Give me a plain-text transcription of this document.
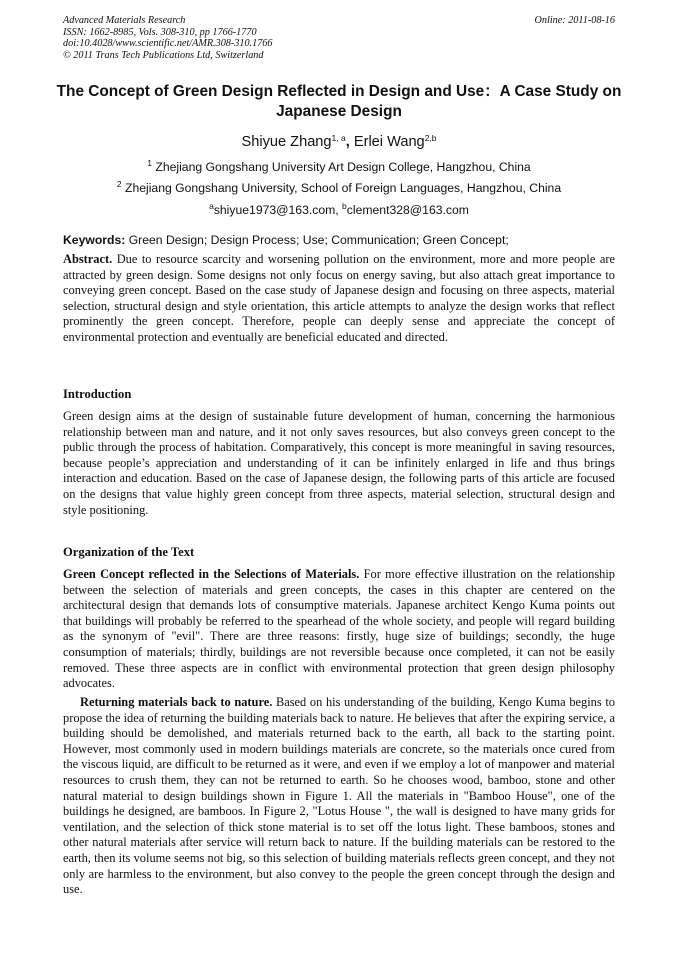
Advanced Materials Research
ISSN: 1662-8985, Vols. 308-310, pp 1766-1770
doi:10.4028/www.scientific.net/AMR.308-310.1766
© 2011 Trans Tech Publications Ltd, Switzerland
Online: 2011-08-16
The Concept of Green Design Reflected in Design and Use：A Case Study on Japanese Design
Shiyue Zhang$^{1, a}$, Erlei Wang$^{2,b}$
$^1$ Zhejiang Gongshang University Art Design College, Hangzhou, China
$^2$ Zhejiang Gongshang University, School of Foreign Languages, Hangzhou, China
$^a$shiyue1973@163.com, $^b$clement328@163.com
Keywords: Green Design; Design Process; Use; Communication; Green Concept;
Abstract. Due to resource scarcity and worsening pollution on the environment, more and more people are attracted by green design. Some designs not only focus on energy saving, but also attach great importance to conveying green concept. Based on the case study of Japanese design and focusing on three aspects, material selection, structural design and style orientation, this article attempts to analyze the design works that reflect prominently the green concept. Therefore, people can deeply sense and appreciate the concept of environmental protection and eventually are beneficial educated and directed.
Introduction
Green design aims at the design of sustainable future development of human, concerning the harmonious relationship between man and nature, and it not only saves resources, but also conveys green concept to the public through the process of habitation. Comparatively, this concept is more meaningful in saving resources, because people’s appreciation and understanding of it can be infinitely enlarged in life and thus brings interaction and education. Based on the case of Japanese design, the following parts of this article are focused on the designs that value highly green concept from three aspects, material selection, structural design and style positioning.
Organization of the Text
Green Concept reflected in the Selections of Materials. For more effective illustration on the relationship between the selection of materials and green concepts, the cases in this chapter are centered on the architectural design that demands lots of consumptive materials. Japanese architect Kengo Kuma points out that buildings will probably be referred to the spearhead of the whole society, and people will regard building as the synonym of "evil". There are three reasons: firstly, huge size of buildings; secondly, the huge consumption of materials; thirdly, buildings are not reversible because once completed, it can not be easily removed. These three aspects are in conflict with environmental protection that green design philosophy advocates.
Returning materials back to nature. Based on his understanding of the building, Kengo Kuma begins to propose the idea of returning the building materials back to nature. He believes that after the expiring service, a building should be demolished, and materials returned back to the earth, all back to the starting point. However, most commonly used in modern buildings materials are concrete, so the materials once cured from the viscous liquid, are difficult to be returned as it were, and even if we employ a lot of manpower and material resources to crush them, they can not be returned to earth. So he chooses wood, bamboo, stone and other natural material to design buildings shown in Figure 1. All the materials in "Bamboo House", one of the buildings he designed, are bamboos. In Figure 2, "Lotus House ", the wall is designed to have many grids for ventilation, and the selection of thick stone material is to set off the lotus light. These bamboos, stones and other natural materials after service will return back to nature. If the building materials can be restored to the earth, then its volume seems not big, so this selection of building materials reflects green concept, and they not only are harmless to the environment, but also convey to the people the green concept through the design and use.
